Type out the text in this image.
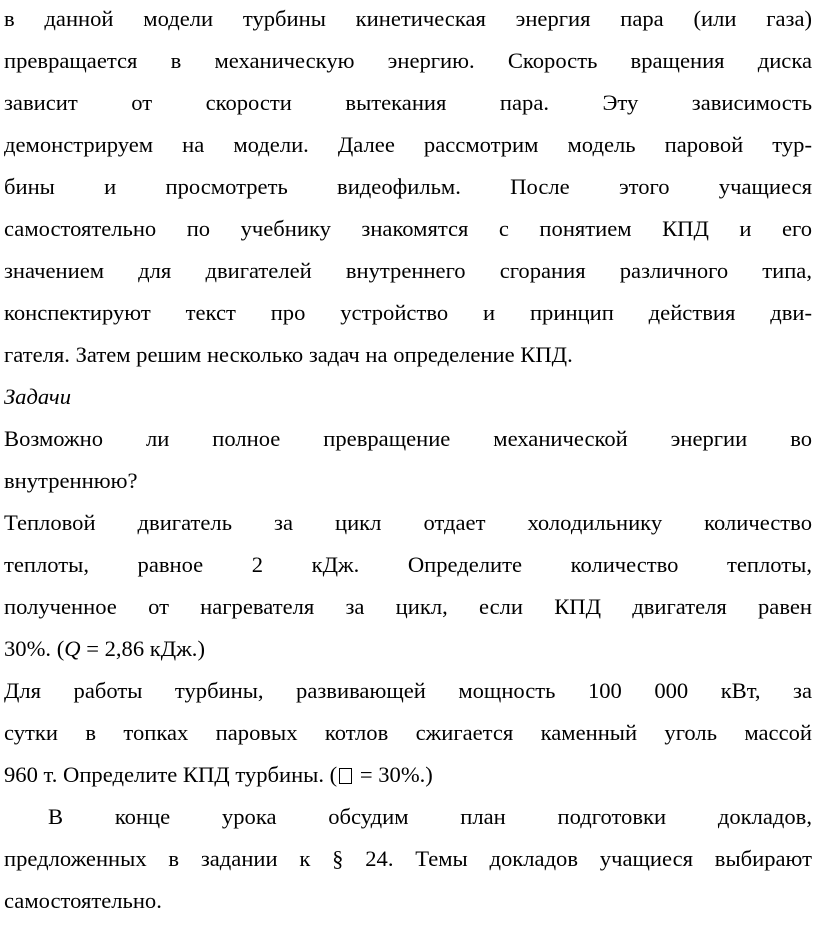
в данной модели турбины кинетическая энергия пара (или газа)
превращается в механическую энергию. Скорость вращения диска
зависит от скорости вытекания пара. Эту зависимость
демонстрируем на модели. Далее рассмотрим модель паровой тур-
бины и просмотреть видеофильм. После этого учащиеся
самостоятельно по учебнику знакомятся с понятием КПД и его
значением для двигателей внутреннего сгорания различного типа,
конспектируют текст про устройство и принцип действия дви-
гателя. Затем решим несколько задач на определение КПД.
Задачи
Возможно ли полное превращение механической энергии во
внутреннюю?
Тепловой двигатель за цикл отдает холодильнику количество
теплоты, равное 2 кДж. Определите количество теплоты,
полученное от нагревателя за цикл, если КПД двигателя равен
30%. (Q = 2,86 кДж.)
Для работы турбины, развивающей мощность 100 000 кВт, за
сутки в топках паровых котлов сжигается каменный уголь массой
960 т. Определите КПД турбины. ( = 30%.)
В конце урока обсудим план подготовки докладов,
предложенных в задании к § 24. Темы докладов учащиеся выбирают
самостоятельно.
